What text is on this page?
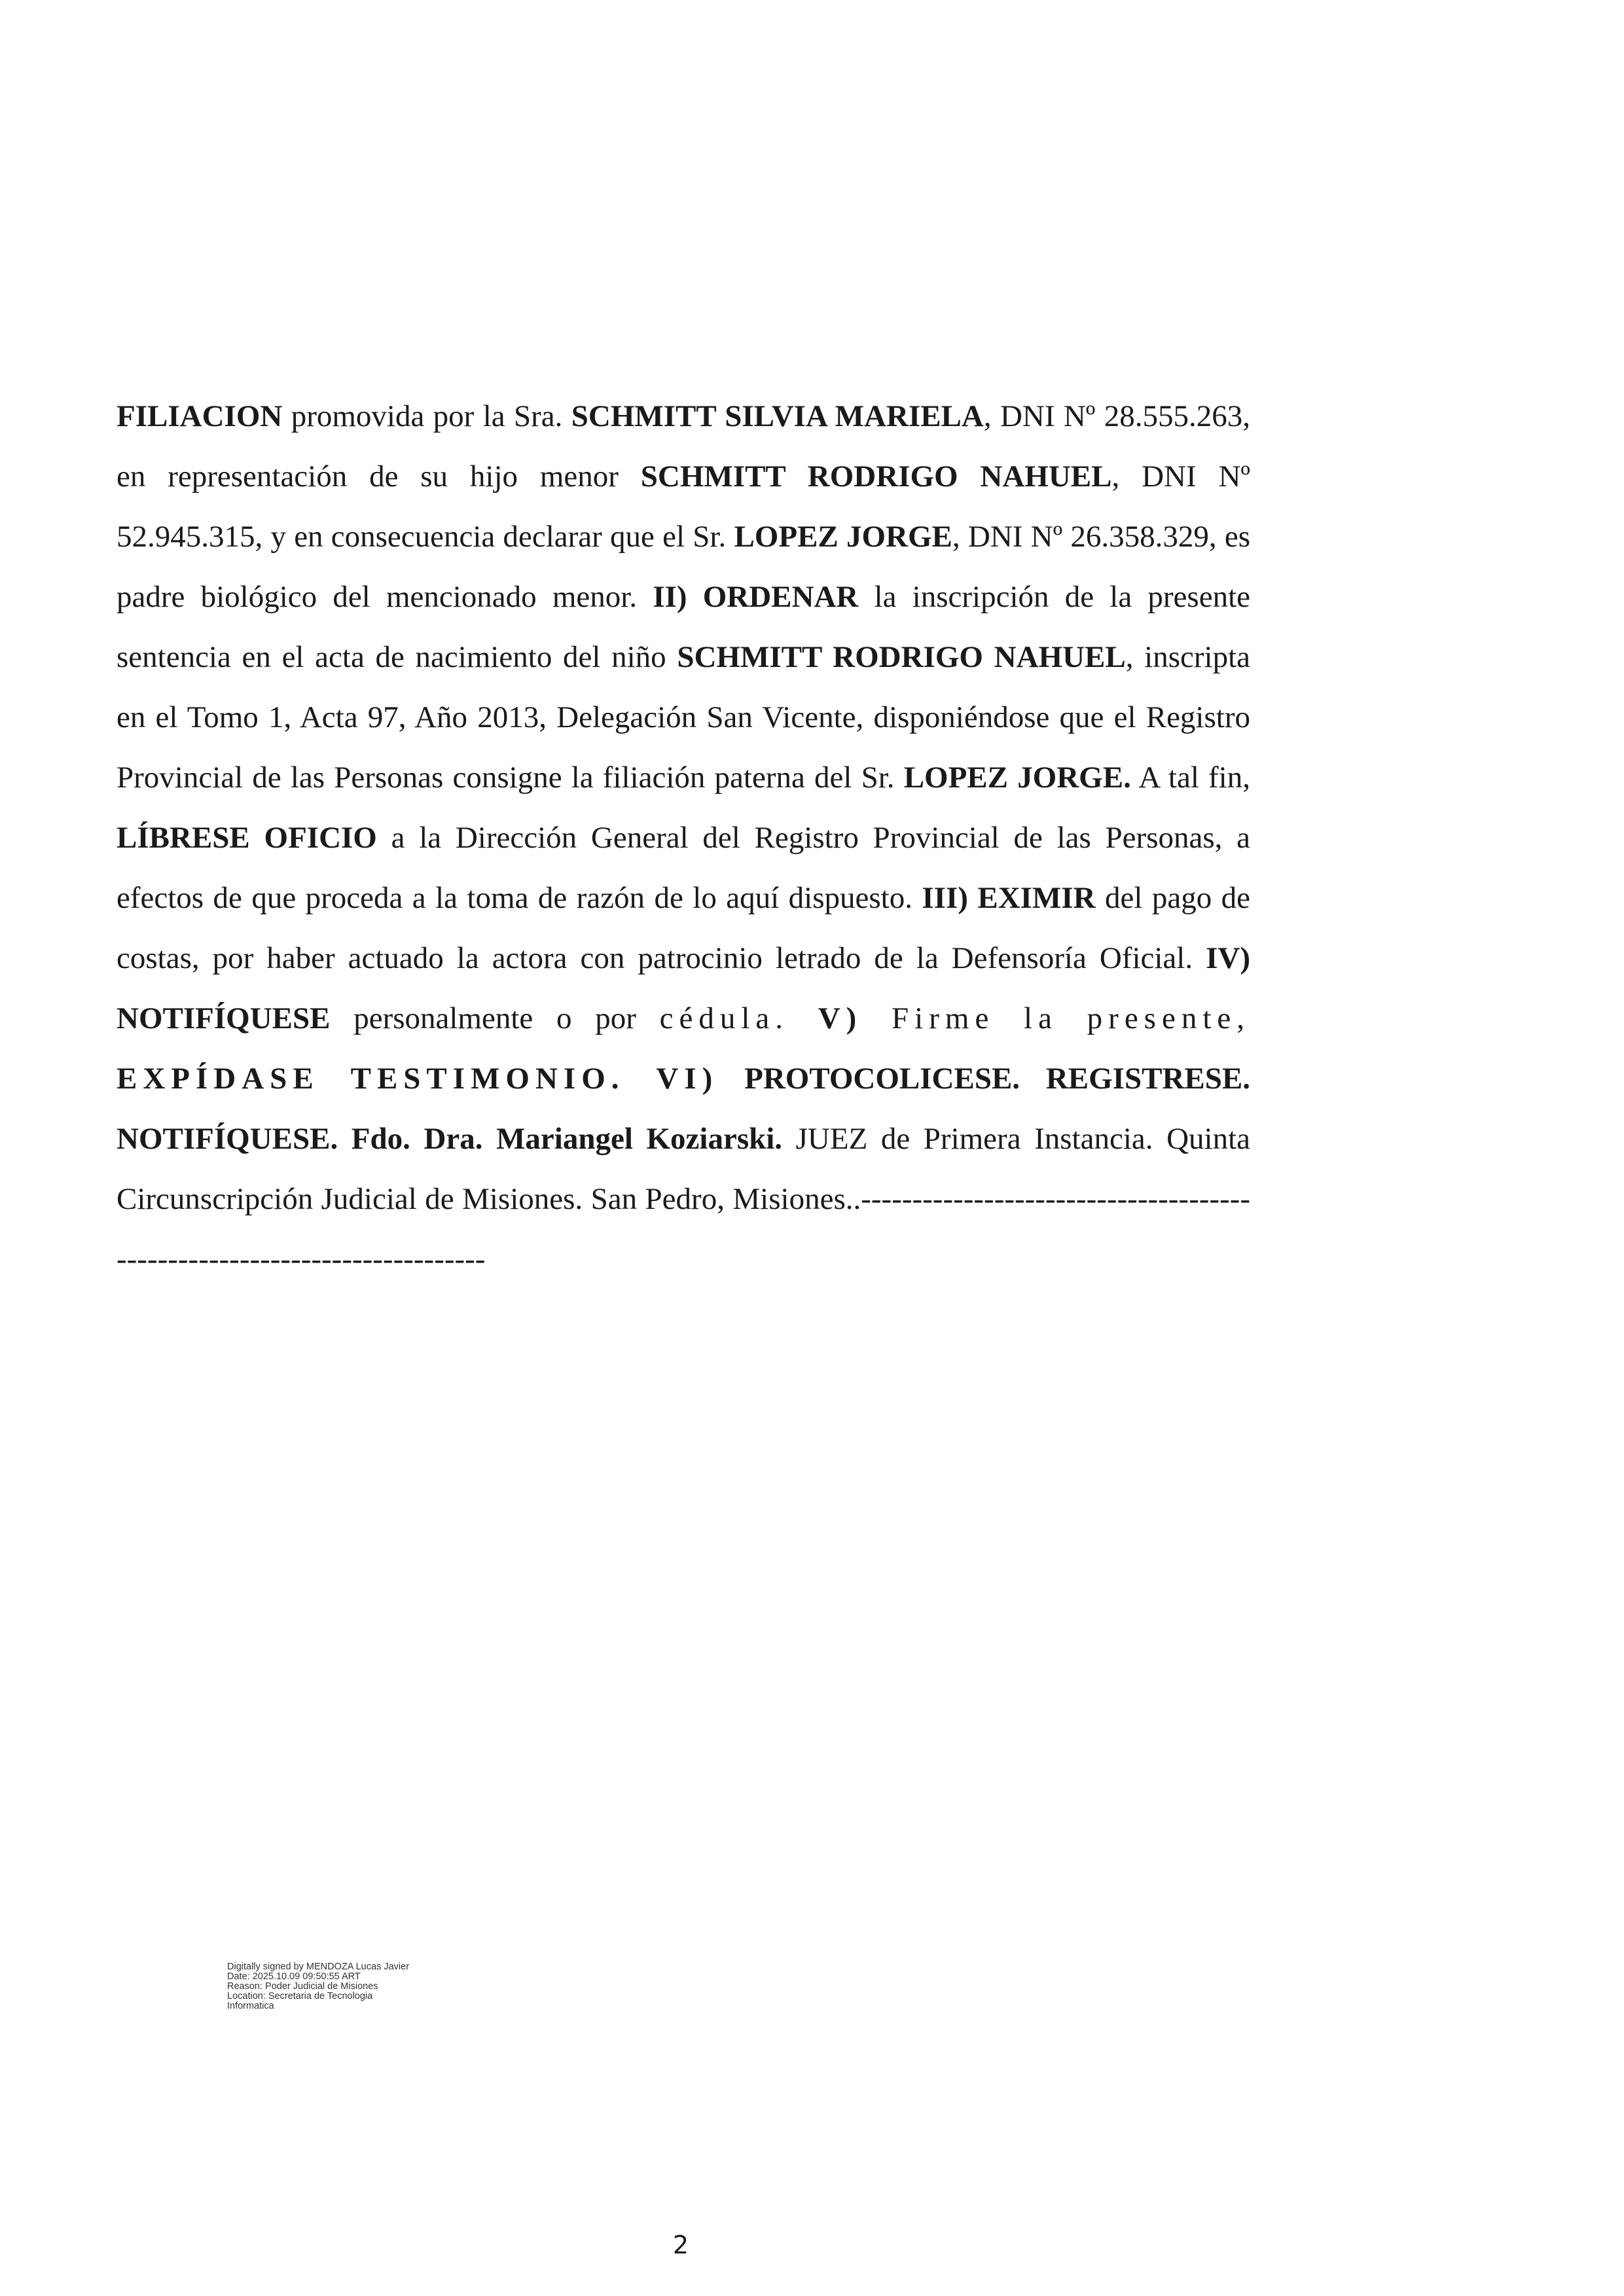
FILIACION promovida por la Sra. SCHMITT SILVIA MARIELA, DNI Nº 28.555.263, en representación de su hijo menor SCHMITT RODRIGO NAHUEL, DNI Nº 52.945.315, y en consecuencia declarar que el Sr. LOPEZ JORGE, DNI Nº 26.358.329, es padre biológico del mencionado menor. II) ORDENAR la inscripción de la presente sentencia en el acta de nacimiento del niño SCHMITT RODRIGO NAHUEL, inscripta en el Tomo 1, Acta 97, Año 2013, Delegación San Vicente, disponiéndose que el Registro Provincial de las Personas consigne la filiación paterna del Sr. LOPEZ JORGE. A tal fin, LÍBRESE OFICIO a la Dirección General del Registro Provincial de las Personas, a efectos de que proceda a la toma de razón de lo aquí dispuesto. III) EXIMIR del pago de costas, por haber actuado la actora con patrocinio letrado de la Defensoría Oficial. IV) NOTIFÍQUESE personalmente o por cédula. V) Firme la presente, EXPÍDASE TESTIMONIO. VI) PROTOCOLICESE. REGISTRESE. NOTIFÍQUESE. Fdo. Dra. Mariangel Koziarski. JUEZ de Primera Instancia. Quinta Circunscripción Judicial de Misiones. San Pedro, Misiones..--------------------------------------------------------------------------

Digitally signed by MENDOZA Lucas Javier
Date: 2025.10.09 09:50:55 ART
Reason: Poder Judicial de Misiones
Location: Secretaria de Tecnologia
Informatica
2
